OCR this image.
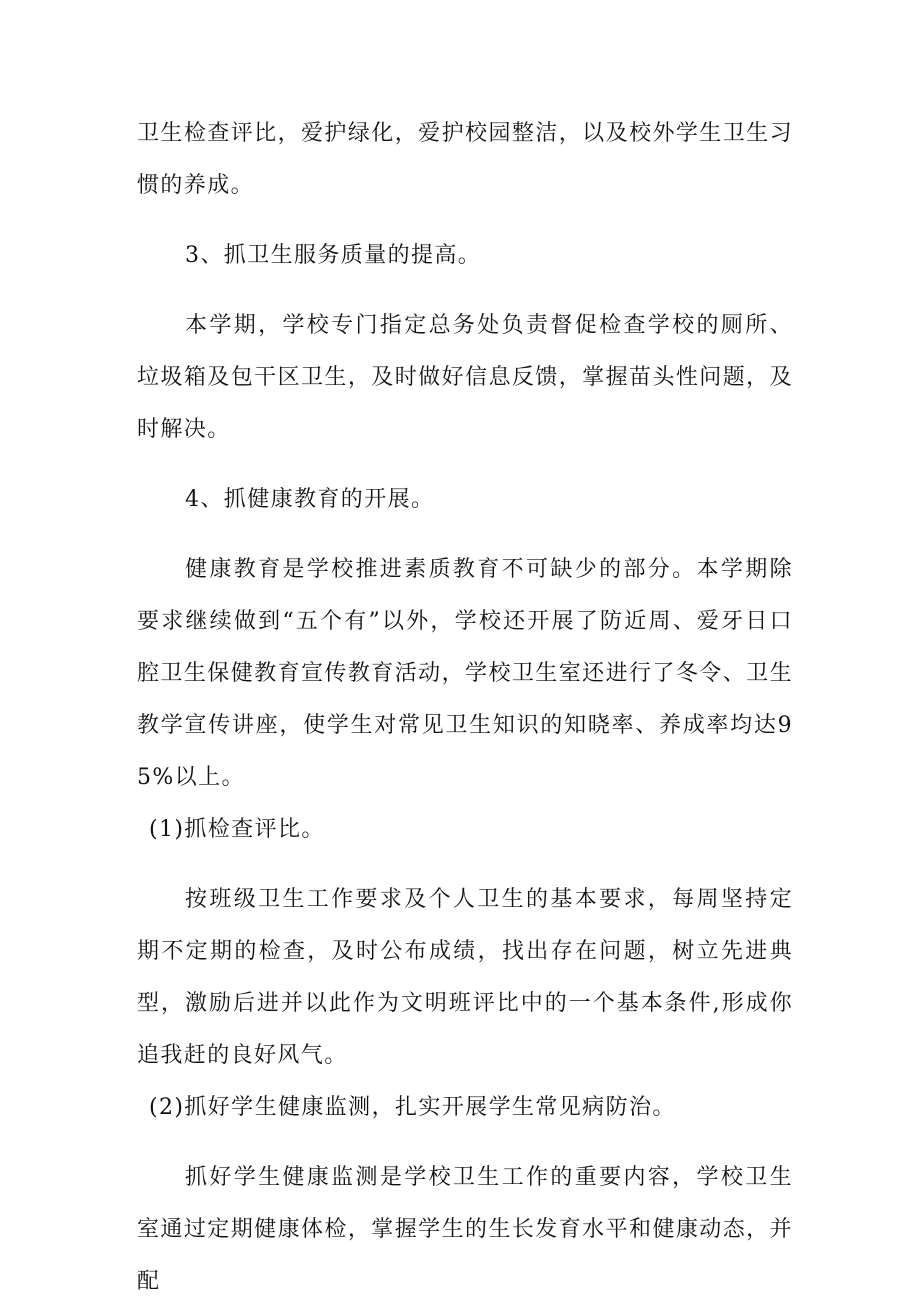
卫生检查评比，爱护绿化，爱护校园整洁，以及校外学生卫生习惯的养成。

3、抓卫生服务质量的提高。

本学期，学校专门指定总务处负责督促检查学校的厕所、垃圾箱及包干区卫生，及时做好信息反馈，掌握苗头性问题，及时解决。

4、抓健康教育的开展。

健康教育是学校推进素质教育不可缺少的部分。本学期除要求继续做到“五个有”以外，学校还开展了防近周、爱牙日口腔卫生保健教育宣传教育活动，学校卫生室还进行了冬令、卫生教学宣传讲座，使学生对常见卫生知识的知晓率、养成率均达95%以上。

(1)抓检查评比。

按班级卫生工作要求及个人卫生的基本要求，每周坚持定期不定期的检查，及时公布成绩，找出存在问题，树立先进典型，激励后进并以此作为文明班评比中的一个基本条件,形成你追我赶的良好风气。

(2)抓好学生健康监测，扎实开展学生常见病防治。

抓好学生健康监测是学校卫生工作的重要内容，学校卫生室通过定期健康体检，掌握学生的生长发育水平和健康动态，并配
